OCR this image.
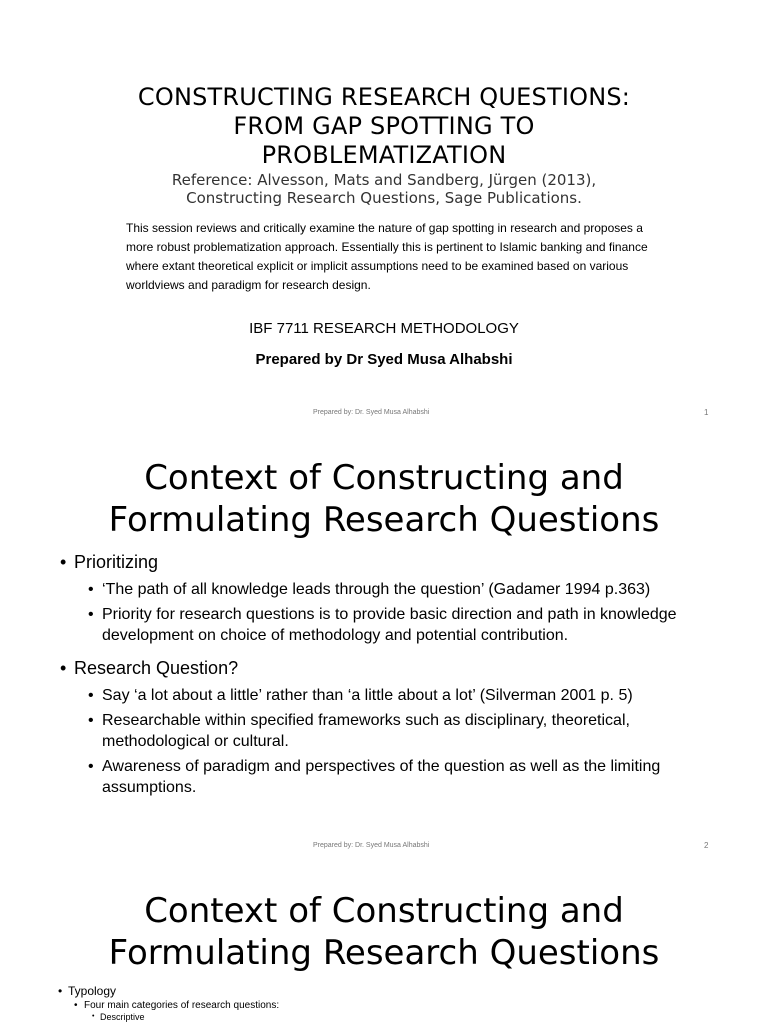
CONSTRUCTING RESEARCH QUESTIONS:
FROM GAP SPOTTING TO
PROBLEMATIZATION
Reference: Alvesson, Mats and Sandberg, Jürgen (2013),
Constructing Research Questions, Sage Publications.
This session reviews and critically examine the nature of gap spotting in research and proposes a more robust problematization approach. Essentially this is pertinent to Islamic banking and finance where extant theoretical explicit or implicit assumptions need to be examined based on various worldviews and paradigm for research design.
IBF 7711 RESEARCH METHODOLOGY
Prepared by Dr Syed Musa Alhabshi
Prepared by: Dr. Syed Musa Alhabshi	1
Context of Constructing and
Formulating Research Questions
• Prioritizing
• ‘The path of all knowledge leads through the question’ (Gadamer 1994 p.363)
• Priority for research questions is to provide basic direction and path in knowledge development on choice of methodology and potential contribution.
• Research Question?
• Say ‘a lot about a little’ rather than ‘a little about a lot’ (Silverman 2001 p. 5)
• Researchable within specified frameworks such as disciplinary, theoretical, methodological or cultural.
• Awareness of paradigm and perspectives of the question as well as the limiting assumptions.
Prepared by: Dr. Syed Musa Alhabshi	2
Context of Constructing and
Formulating Research Questions
• Typology
• Four main categories of research questions:
• Descriptive
